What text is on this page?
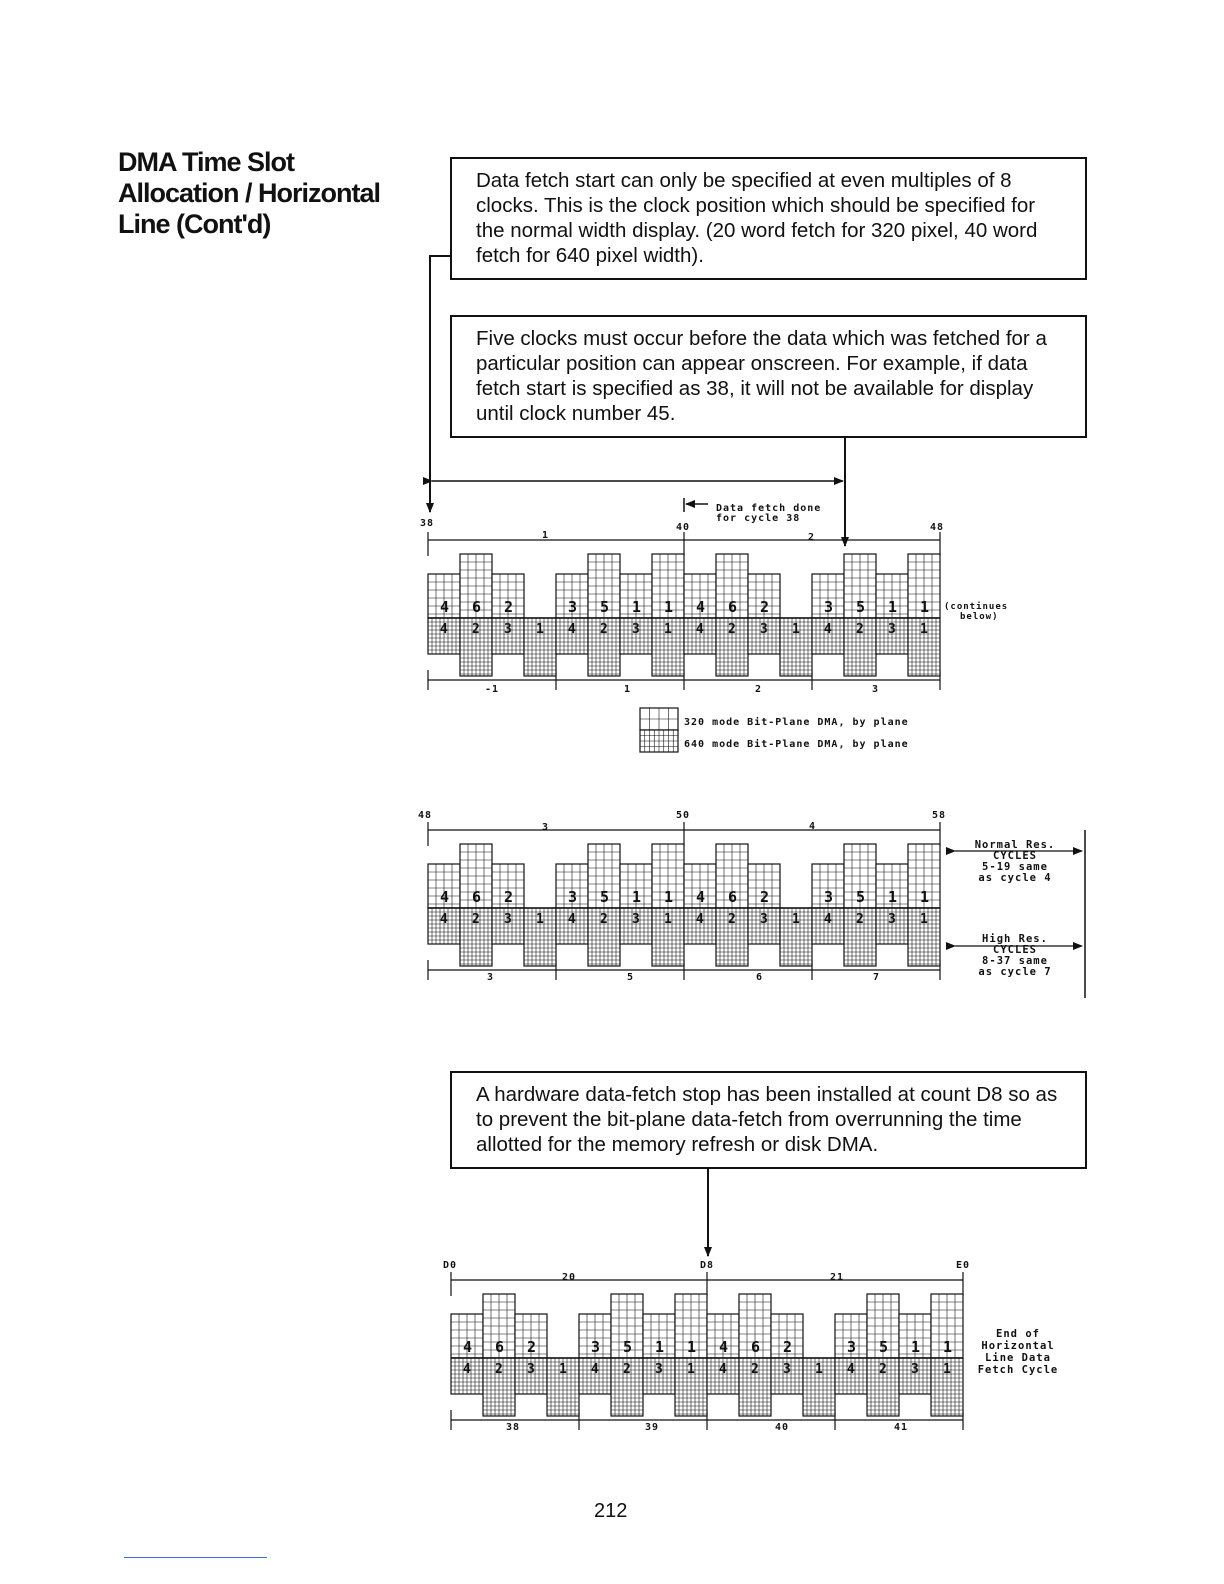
DMA Time Slot
Allocation / Horizontal
Line (Cont'd)
Data fetch start can only be specified at even multiples of 8 clocks. This is the clock position which should be specified for the normal width display. (20 word fetch for 320 pixel, 40 word fetch for 640 pixel width).
Five clocks must occur before the data which was fetched for a particular position can appear onscreen. For example, if data fetch start is specified as 38, it will not be available for display until clock number 45.
A hardware data-fetch stop has been installed at count D8 so as to prevent the bit-plane data-fetch from overrunning the time allotted for the memory refresh or disk DMA.
Data fetch done
for cycle 38
38	40	48
1	2
4 6 2	3 5 1 1 4 6 2	3 5 1 1
4 2 3 1 4 2 3 1 4 2 3 1 4 2 3 1
-1	1	2	3
(continues
below)
320 mode Bit-Plane DMA, by plane
640 mode Bit-Plane DMA, by plane
48	50	58
3	4
4 6 2	3 5 1 1 4 6 2	3 5 1 1
4 2 3 1 4 2 3 1 4 2 3 1 4 2 3 1
3	5	6	7
Normal Res.
CYCLES
5-19 same
as cycle 4
High Res.
CYCLES
8-37 same
as cycle 7
D0	D8	E0
20	21
4 6 2	3 5 1 1 4 6 2	3 5 1 1
4 2 3 1 4 2 3 1 4 2 3 1 4 2 3 1
38	39	40	41
End of
Horizontal
Line Data
Fetch Cycle
212
